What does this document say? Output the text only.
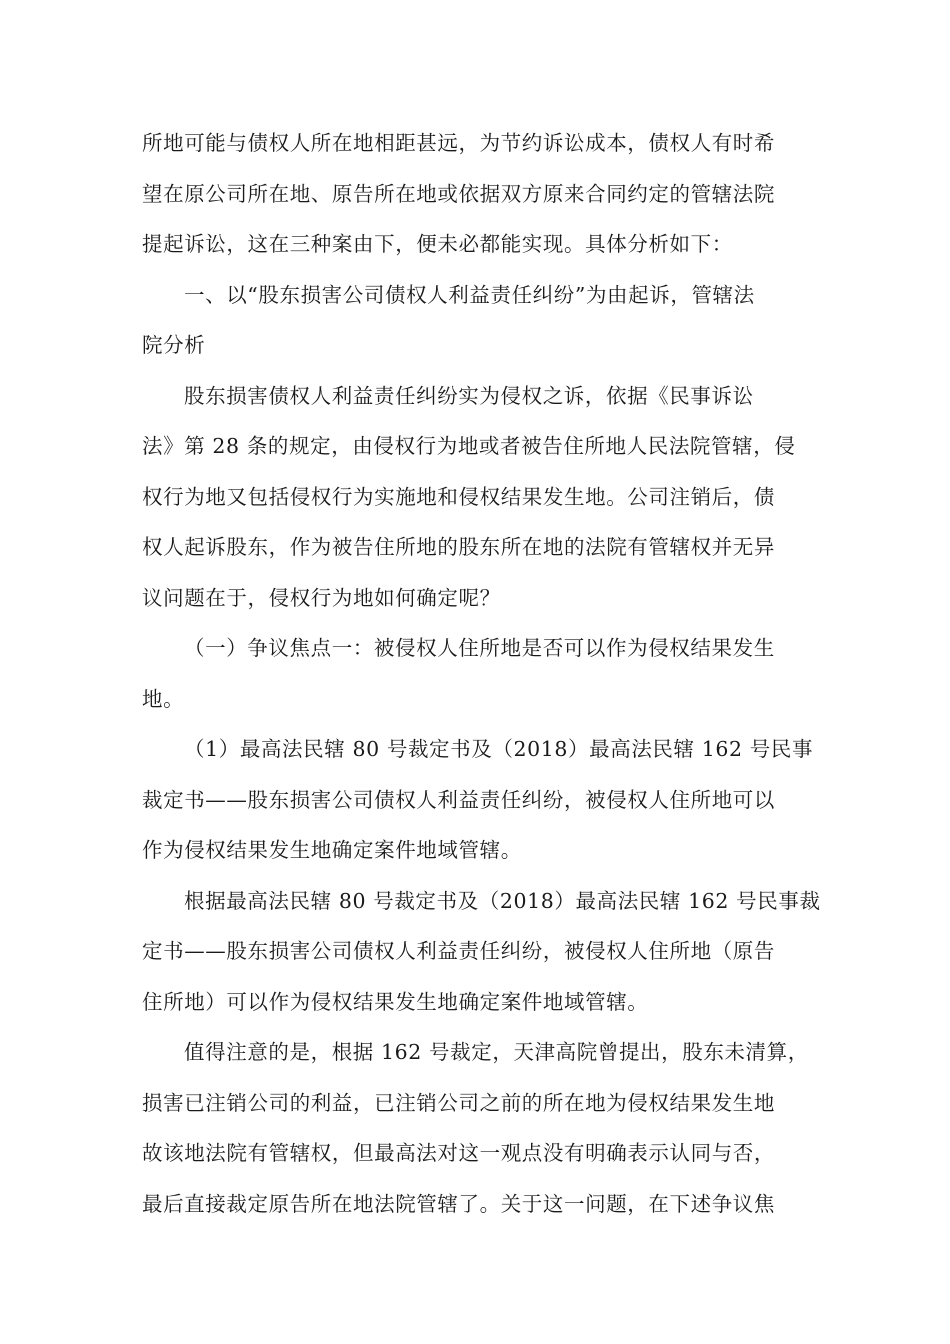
所地可能与债权人所在地相距甚远，为节约诉讼成本，债权人有时希
望在原公司所在地、原告所在地或依据双方原来合同约定的管辖法院
提起诉讼，这在三种案由下，便未必都能实现。具体分析如下：
一、以“股东损害公司债权人利益责任纠纷”为由起诉，管辖法
院分析
股东损害债权人利益责任纠纷实为侵权之诉，依据《民事诉讼
法》第 28 条的规定，由侵权行为地或者被告住所地人民法院管辖，侵
权行为地又包括侵权行为实施地和侵权结果发生地。公司注销后，债
权人起诉股东，作为被告住所地的股东所在地的法院有管辖权并无异
议问题在于，侵权行为地如何确定呢？
（一）争议焦点一：被侵权人住所地是否可以作为侵权结果发生
地。
（1）最高法民辖 80 号裁定书及（2018）最高法民辖 162 号民事
裁定书——股东损害公司债权人利益责任纠纷，被侵权人住所地可以
作为侵权结果发生地确定案件地域管辖。
根据最高法民辖 80 号裁定书及（2018）最高法民辖 162 号民事裁
定书——股东损害公司债权人利益责任纠纷，被侵权人住所地（原告
住所地）可以作为侵权结果发生地确定案件地域管辖。
值得注意的是，根据 162 号裁定，天津高院曾提出，股东未清算，
损害已注销公司的利益，已注销公司之前的所在地为侵权结果发生地
故该地法院有管辖权，但最高法对这一观点没有明确表示认同与否，
最后直接裁定原告所在地法院管辖了。关于这一问题，在下述争议焦
